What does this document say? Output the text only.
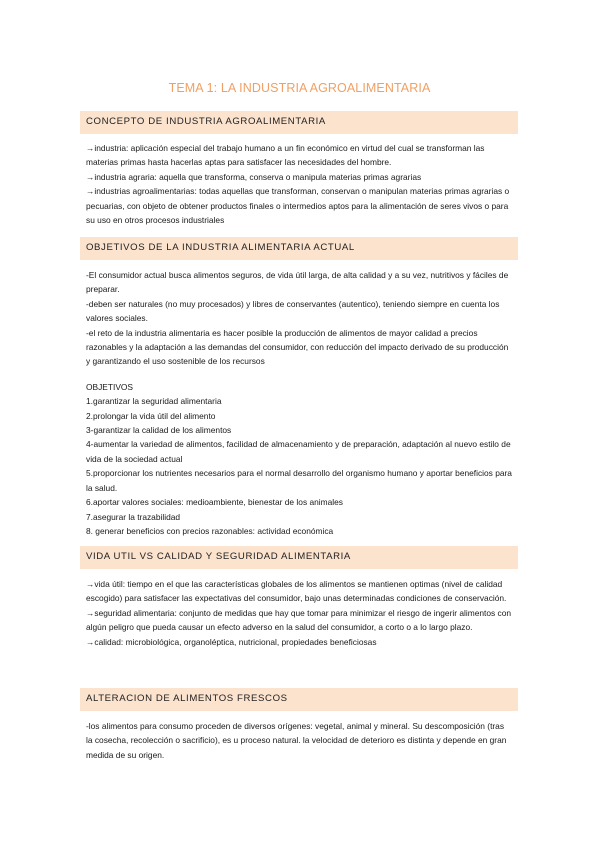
TEMA 1: LA INDUSTRIA AGROALIMENTARIA
CONCEPTO DE INDUSTRIA AGROALIMENTARIA

→industria: aplicación especial del trabajo humano a un fin económico en virtud del cual se transforman las materias primas hasta hacerlas aptas para satisfacer las necesidades del hombre.

→industria agraria: aquella que transforma, conserva o manipula materias primas agrarias

→industrias agroalimentarias: todas aquellas que transforman, conservan o manipulan materias primas agrarias o pecuarias, con objeto de obtener productos finales o intermedios aptos para la alimentación de seres vivos o para su uso en otros procesos industriales

OBJETIVOS DE LA INDUSTRIA ALIMENTARIA ACTUAL

-El consumidor actual busca alimentos seguros, de vida útil larga, de alta calidad y a su vez, nutritivos y fáciles de preparar.

-deben ser naturales (no muy procesados) y libres de conservantes (autentico), teniendo siempre en cuenta los valores sociales.

-el reto de la industria alimentaria es hacer posible la producción de alimentos de mayor calidad a precios razonables y la adaptación a las demandas del consumidor, con reducción del impacto derivado de su producción y garantizando el uso sostenible de los recursos

OBJETIVOS

1.garantizar la seguridad alimentaria

2.prolongar la vida útil del alimento

3-garantizar la calidad de los alimentos

4-aumentar la variedad de alimentos, facilidad de almacenamiento y de preparación, adaptación al nuevo estilo de vida de la sociedad actual

5.proporcionar los nutrientes necesarios para el normal desarrollo del organismo humano y aportar beneficios para la salud.

6.aportar valores sociales: medioambiente, bienestar de los animales

7.asegurar la trazabilidad

8. generar beneficios con precios razonables: actividad económica

VIDA UTIL VS CALIDAD Y SEGURIDAD ALIMENTARIA

→vida útil: tiempo en el que las características globales de los alimentos se mantienen optimas (nivel de calidad escogido) para satisfacer las expectativas del consumidor, bajo unas determinadas condiciones de conservación.

→seguridad alimentaria: conjunto de medidas que hay que tomar para minimizar el riesgo de ingerir alimentos con algún peligro que pueda causar un efecto adverso en la salud del consumidor, a corto o a lo largo plazo.

→calidad: microbiológica, organoléptica, nutricional, propiedades beneficiosas

ALTERACION DE ALIMENTOS FRESCOS

-los alimentos para consumo proceden de diversos orígenes: vegetal, animal y mineral. Su descomposición (tras la cosecha, recolección o sacrificio), es u proceso natural. la velocidad de deterioro es distinta y depende en gran medida de su origen.
